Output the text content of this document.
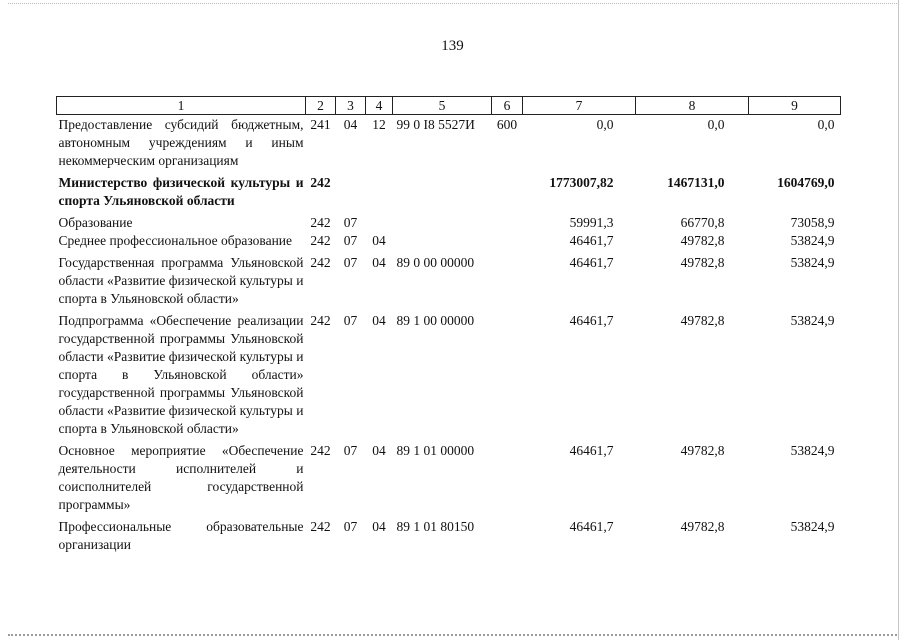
139
1	2	3	4	5	6	7	8	9
Предоставление субсидий бюджетным, автономным учреждениям и иным некоммерческим организациям	241	04	12	99 0 I8 5527И	600	0,0	0,0	0,0
Министерство физической культуры и спорта Ульяновской области	242					1773007,82	1467131,0	1604769,0
Образование	242	07				59991,3	66770,8	73058,9
Среднее профессиональное образование	242	07	04			46461,7	49782,8	53824,9
Государственная программа Ульяновской области «Развитие физической культуры и спорта в Ульяновской области»	242	07	04	89 0 00 00000		46461,7	49782,8	53824,9
Подпрограмма «Обеспечение реализации государственной программы Ульяновской области «Развитие физической культуры и спорта в Ульяновской области» государственной программы Ульяновской области «Развитие физической культуры и спорта в Ульяновской области»	242	07	04	89 1 00 00000		46461,7	49782,8	53824,9
Основное мероприятие «Обеспечение деятельности исполнителей и соисполнителей государственной программы»	242	07	04	89 1 01 00000		46461,7	49782,8	53824,9
Профессиональные образовательные организации	242	07	04	89 1 01 80150		46461,7	49782,8	53824,9
